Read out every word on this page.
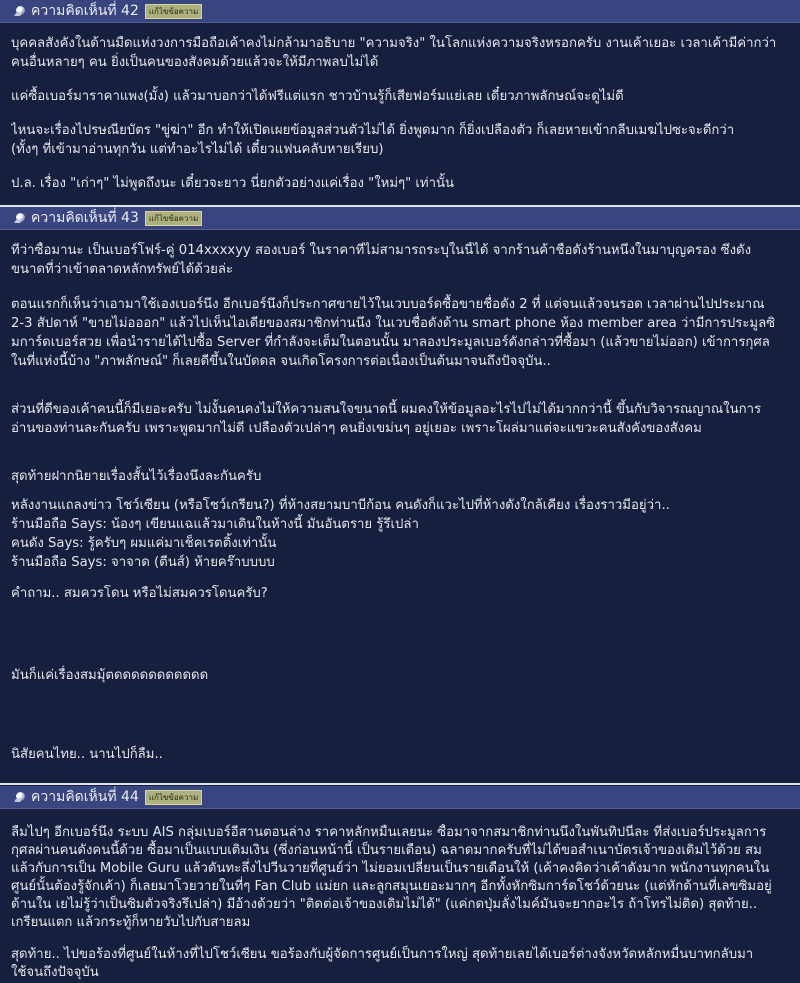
ความคิดเห็นที่ 42	แก้ไขข้อความ
บุคคลสังคังในด้านมืดแห่งวงการมือถือเค้าคงไม่กล้ามาอธิบาย "ความจริง" ในโลกแห่งความจริงหรอกครับ งานเค้าเยอะ เวลาเค้ามีค่ากว่า
คนอื่นหลายๆ คน ยิ่งเป็นคนของสังคมด้วยแล้วจะให้มีภาพลบไม่ได้
แค่ซื้อเบอร์มาราคาแพง(มั้ง) แล้วมาบอกว่าได้ฟรีแต่แรก ชาวบ้านรู้ก็เสียฟอร์มแย่เลย เดี๋ยวภาพลักษณ์จะดูไม่ดี
ไหนจะเรื่องไปรษณียบัตร "ขู่ฆ่า" อีก ทำให้เปิดเผยข้อมูลส่วนตัวไม่ได้ ยิ่งพูดมาก ก็ยิ่งเปลืองตัว ก็เลยหายเข้ากลีบเมฆไปซะจะดีกว่า
(ทั้งๆ ที่เข้ามาอ่านทุกวัน แต่ทำอะไรไม่ได้ เดี๋ยวแฟนคลับหายเรียบ)
ป.ล. เรื่อง "เก่าๆ" ไม่พูดถึงนะ เดี๋ยวจะยาว นี่ยกตัวอย่างแค่เรื่อง "ใหม่ๆ" เท่านั้น
ความคิดเห็นที่ 43	แก้ไขข้อความ
ที่ว่าซื้อมานะ เป็นเบอร์โฟร์-คู่ 014xxxxyy สองเบอร์ ในราคาที่ไม่สามารถระบุในนี้ได้ จากร้านค้าชื่อดังร้านหนึ่งในมาบุญครอง ซึ่งดัง
ขนาดที่ว่าเข้าตลาดหลักทรัพย์ได้ด้วยล่ะ
ตอนแรกก็เห็นว่าเอามาใช้เองเบอร์นึง อีกเบอร์นึงก็ประกาศขายไว้ในเวบบอร์ดซื้อขายชื่อดัง 2 ที่ แต่จนแล้วจนรอด เวลาผ่านไปประมาณ
2-3 สัปดาห์ "ขายไม่อออก" แล้วไปเห็นไอเดียของสมาชิกท่านนึง ในเวบชื่อดังด้าน smart phone ห้อง member area ว่ามีการประมูลซิ
มการ์ดเบอร์สวย เพื่อนำรายได้ไปซื้อ Server ที่กำลังจะเต็มในตอนนั้น มาลองประมูลเบอร์ดังกล่าวที่ซื้อมา (แล้วขายไม่ออก) เข้าการกุศล
ในที่แห่งนี้บ้าง "ภาพลักษณ์" ก็เลยดีขึ้นในบัดดล จนเกิดโครงการต่อเนื่องเป็นต้นมาจนถึงปัจจุบัน..
ส่วนที่ดีของเค้าคนนี้ก็มีเยอะครับ ไม่งั้นคนคงไม่ให้ความสนใจขนาดนี้ ผมคงให้ข้อมูลอะไรไปไม่ได้มากกว่านี้ ขึ้นกับวิจารณญาณในการ
อ่านของท่านละกันครับ เพราะพูดมากไม่ดี เปลืองตัวเปล่าๆ คนยิ่งเขม่นๆ อยู่เยอะ เพราะโผล่มาแต่จะแขวะคนสังคังของสังคม
สุดท้ายฝากนิยายเรื่องสั้นไว้เรื่องนึงละกันครับ
หลังงานแถลงข่าว โชว์เซียน (หรือโชว์เกรียน?) ที่ห้างสยามบาบีก้อน คนดังก็แวะไปที่ห้างดังใกล้เคียง เรื่องราวมีอยู่ว่า..
ร้านมือถือ Says: น้องๆ เขียนแฉแล้วมาเดินในห้างนี้ มันอันตราย รู้รึเปล่า
คนดัง Says: รู้ครับๆ ผมแค่มาเช็คเรตติ้งเท่านั้น
ร้านมือถือ Says: จาจาด (ตีนส์) ห้ายคร๊าบบบบ
คำถาม.. สมควรโดน หรือไม่สมควรโดนครับ?
มันก็แค่เรื่องสมมุ้ตดดดดดดดดดดด
นิสัยคนไทย.. นานไปก็ลืม..
ความคิดเห็นที่ 44	แก้ไขข้อความ
ลืมไปๆ อีกเบอร์นึง ระบบ AIS กลุ่มเบอร์อีสานตอนล่าง ราคาหลักหมื่นเลยนะ ซื้อมาจากสมาชิกท่านนึงในพันทิปนี่ละ ที่ส่งเบอร์ประมูลการ
กุศลผ่านคนดังคนนี้ด้วย ซื้อมาเป็นแบบเติมเงิน (ซึ่งก่อนหน้านี้ เป็นรายเดือน) ฉลาดมากครับที่ไม่ได้ขอสำเนาบัตรเจ้าของเดิมไว้ด้วย สม
แล้วกับการเป็น Mobile Guru แล้วดันทะลึ่งไปวีนวายที่ศูนย์ว่า ไม่ยอมเปลี่ยนเป็นรายเดือนให้ (เค้าคงคิดว่าเค้าดังมาก พนักงานทุกคนใน
ศูนย์นั้นต้องรู้จักเค้า) ก็เลยมาโวยวายในที่ๆ Fan Club แม่ยก และลูกสมุนเยอะมากๆ อีกทั้งหักซิมการ์ดโชว์ด้วยนะ (แต่หักด้านที่เลขซิมอยู่
ด้านใน เยไม่รู้ว่าเป็นซิมตัวจริงรึเปล่า) มีอ้างด้วยว่า "ติดต่อเจ้าของเดิมไม่ได้" (แค่กดปุ่มลั่งไมค์มันจะยากอะไร ถ้าโทรไม่ติด) สุดท้าย..
เกรียนแตก แล้วกระทู้ก็หายวับไปกับสายลม
สุดท้าย.. ไปขอร้องที่ศูนย์ในห้างที่ไปโชว์เซียน ขอร้องกับผู้จัดการศูนย์เป็นการใหญ่ สุดท้ายเลยได้เบอร์ต่างจังหวัดหลักหมื่นบาทกลับมา
ใช้จนถึงปัจจุบัน
